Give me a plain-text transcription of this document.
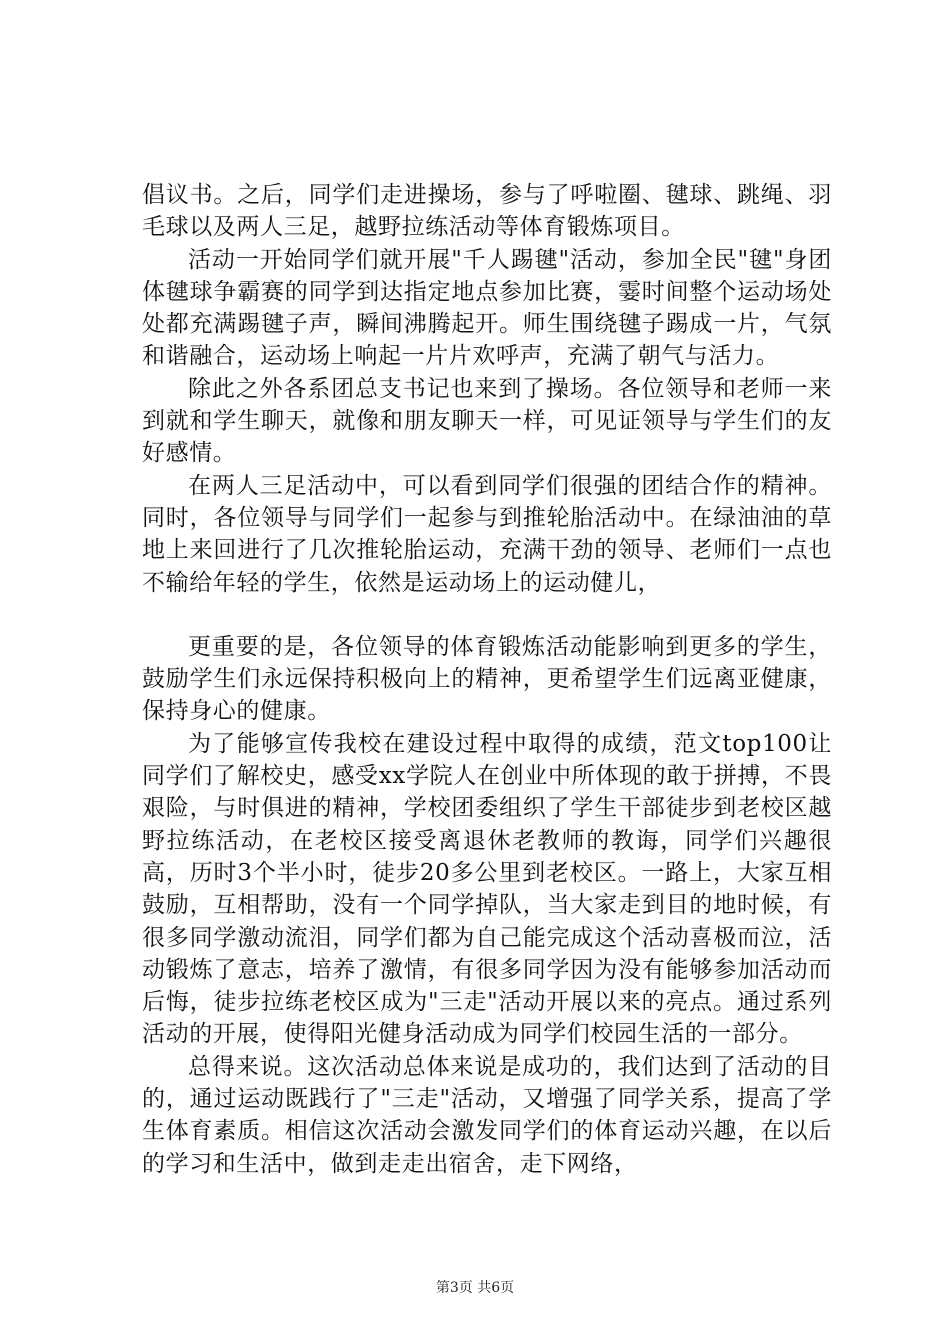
倡议书。之后，同学们走进操场，参与了呼啦圈、毽球、跳绳、羽毛球以及两人三足，越野拉练活动等体育锻炼项目。

活动一开始同学们就开展"千人踢毽"活动，参加全民"毽"身团体毽球争霸赛的同学到达指定地点参加比赛，霎时间整个运动场处处都充满踢毽子声，瞬间沸腾起开。师生围绕毽子踢成一片，气氛和谐融合，运动场上响起一片片欢呼声，充满了朝气与活力。

除此之外各系团总支书记也来到了操场。各位领导和老师一来到就和学生聊天，就像和朋友聊天一样，可见证领导与学生们的友好感情。

在两人三足活动中，可以看到同学们很强的团结合作的精神。同时，各位领导与同学们一起参与到推轮胎活动中。在绿油油的草地上来回进行了几次推轮胎运动，充满干劲的领导、老师们一点也不输给年轻的学生，依然是运动场上的运动健儿，

更重要的是，各位领导的体育锻炼活动能影响到更多的学生，鼓励学生们永远保持积极向上的精神，更希望学生们远离亚健康，保持身心的健康。

为了能够宣传我校在建设过程中取得的成绩，范文top100让同学们了解校史，感受xx学院人在创业中所体现的敢于拼搏，不畏艰险，与时俱进的精神，学校团委组织了学生干部徒步到老校区越野拉练活动，在老校区接受离退休老教师的教诲，同学们兴趣很高，历时3个半小时，徒步20多公里到老校区。一路上，大家互相鼓励，互相帮助，没有一个同学掉队，当大家走到目的地时候，有很多同学激动流泪，同学们都为自己能完成这个活动喜极而泣，活动锻炼了意志，培养了激情，有很多同学因为没有能够参加活动而后悔，徒步拉练老校区成为"三走"活动开展以来的亮点。通过系列活动的开展，使得阳光健身活动成为同学们校园生活的一部分。

总得来说。这次活动总体来说是成功的，我们达到了活动的目的，通过运动既践行了"三走"活动，又增强了同学关系，提高了学生体育素质。相信这次活动会激发同学们的体育运动兴趣，在以后的学习和生活中，做到走走出宿舍，走下网络，

第3页 共6页
